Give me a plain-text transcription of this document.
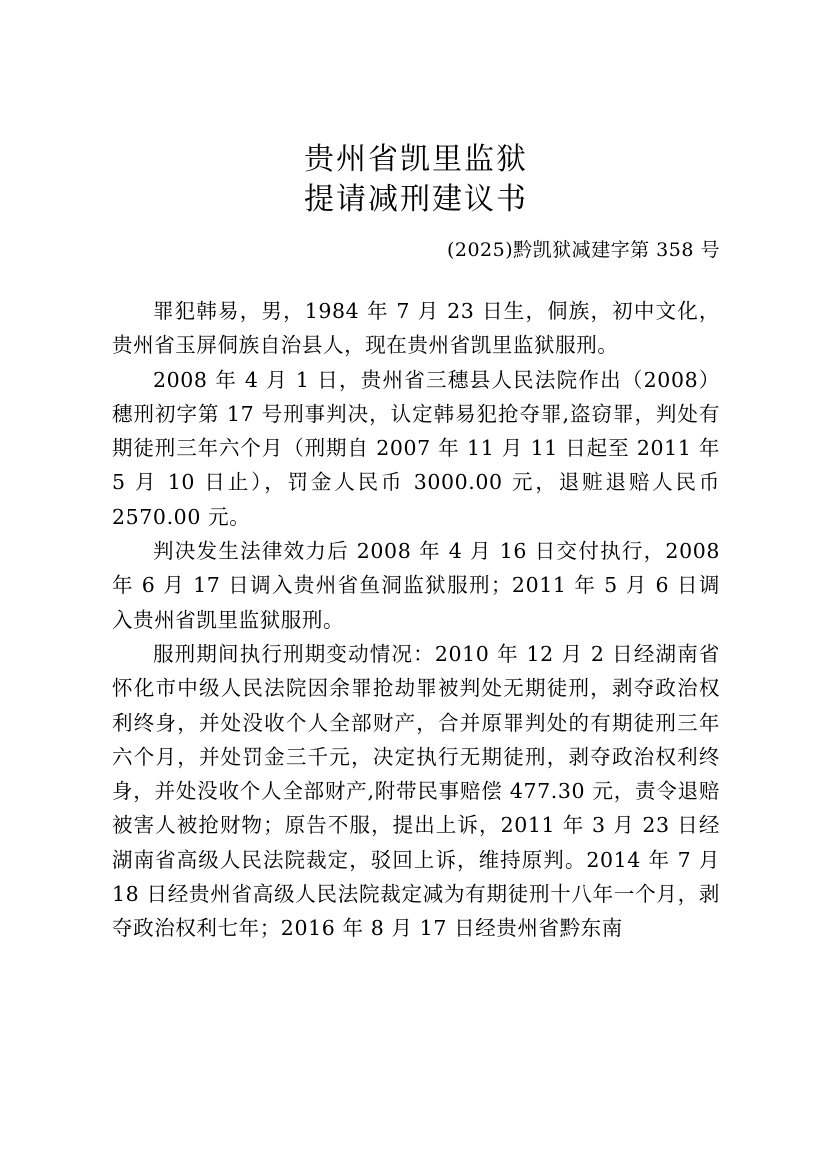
贵州省凯里监狱
提请减刑建议书
(2025)黔凯狱减建字第 358 号

罪犯韩易，男，1984 年 7 月 23 日生，侗族，初中文化，贵州省玉屏侗族自治县人，现在贵州省凯里监狱服刑。

2008 年 4 月 1 日，贵州省三穗县人民法院作出（2008）穗刑初字第 17 号刑事判决，认定韩易犯抢夺罪,盗窃罪，判处有期徒刑三年六个月（刑期自 2007 年 11 月 11 日起至 2011 年 5 月 10 日止），罚金人民币 3000.00 元，退赃退赔人民币 2570.00 元。

判决发生法律效力后 2008 年 4 月 16 日交付执行，2008 年 6 月 17 日调入贵州省鱼洞监狱服刑；2011 年 5 月 6 日调入贵州省凯里监狱服刑。

服刑期间执行刑期变动情况：2010 年 12 月 2 日经湖南省怀化市中级人民法院因余罪抢劫罪被判处无期徒刑，剥夺政治权利终身，并处没收个人全部财产，合并原罪判处的有期徒刑三年六个月，并处罚金三千元，决定执行无期徒刑，剥夺政治权利终身，并处没收个人全部财产,附带民事赔偿 477.30 元，责令退赔被害人被抢财物；原告不服，提出上诉，2011 年 3 月 23 日经湖南省高级人民法院裁定，驳回上诉，维持原判。2014 年 7 月 18 日经贵州省高级人民法院裁定减为有期徒刑十八年一个月，剥夺政治权利七年；2016 年 8 月 17 日经贵州省黔东南
